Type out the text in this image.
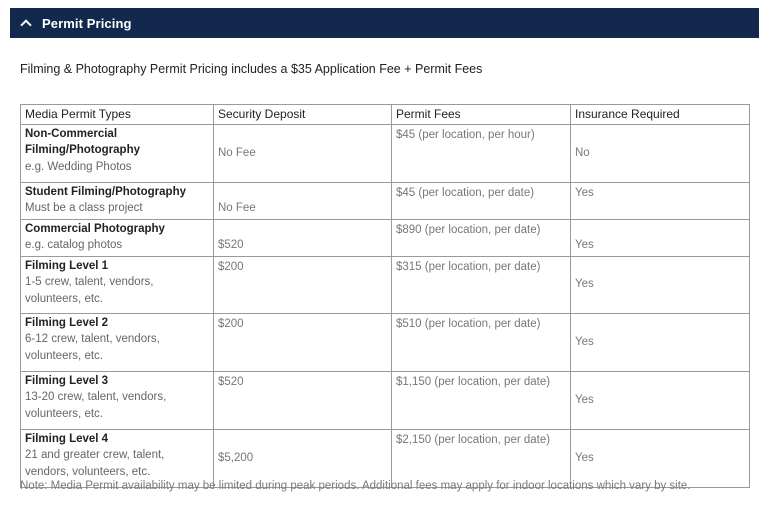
Permit Pricing
Filming & Photography Permit Pricing includes a $35 Application Fee + Permit Fees
Media Permit Types	Security Deposit	Permit Fees	Insurance Required

Non-Commercial Filming/Photography
e.g. Wedding Photos	No Fee	$45 (per location, per hour)	No

Student Filming/Photography
Must be a class project	No Fee	$45 (per location, per date)	Yes

Commercial Photography
e.g. catalog photos	$520	$890 (per location, per date)	Yes

Filming Level 1
1-5 crew, talent, vendors, volunteers, etc.	$200	$315 (per location, per date)	Yes

Filming Level 2
6-12 crew, talent, vendors, volunteers, etc.	$200	$510 (per location, per date)	Yes

Filming Level 3
13-20 crew, talent, vendors, volunteers, etc.	$520	$1,150 (per location, per date)	Yes

Filming Level 4
21 and greater crew, talent, vendors, volunteers, etc.	$5,200	$2,150 (per location, per date)	Yes
Note: Media Permit availability may be limited during peak periods. Additional fees may apply for indoor locations which vary by site.
